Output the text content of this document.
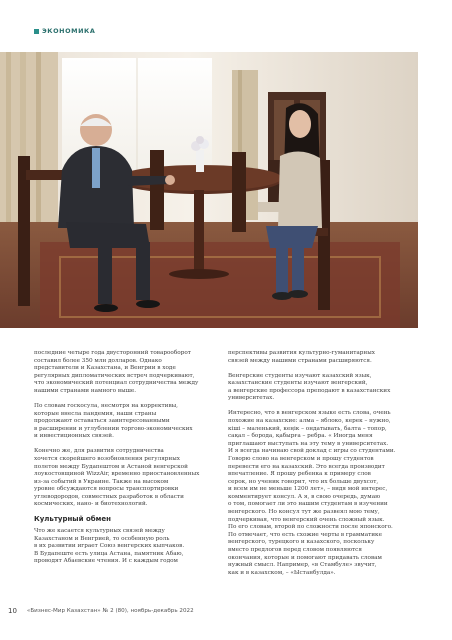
ЭКОНОМИКА

последние четыре года двусторонний товарооборот
составил более 350 млн долларов. Однако
представители и Казахстана, и Венгрии в ходе
регулярных дипломатических встреч подчеркивают,
что экономический потенциал сотрудничества между
нашими странами намного выше.

По словам госкосула, несмотря на коррективы,
которые внесла пандемия, наши страны
продолжают оставаться заинтересованными
в расширении и углублении торгово-экономических
и инвестиционных связей.

Конечно же, для развития сотрудничества
хочется скорейшего возобновления регулярных
полетов между Будапештом и Астаной венгерской
лоукостовщиной WizzAir, временно приостановленных
из-за событий в Украине. Также на высоком
уровне обсуждаются вопросы транспортировки
углеводородов, совместных разработок в области
космических, нано- и биотехнологий.

Культурный обмен

Что же касается культурных связей между
Казахстаном и Венгрией, то особенную роль
в их развитии играет Союз венгерских кыпчаков.
В Будапеште есть улица Астана, памятник Абаю,
проводят Абаевские чтения. И с каждым годом

перспективы развития культурно-гуманитарных
связей между нашими странами расширяются.

Венгерские студенты изучают казахский язык,
казахстанские студенты изучают венгерский,
а венгерские профессора преподают в казахстанских
университетах.

Интересно, что в венгерском языке есть слова, очень
похожие на казахские: алма – яблоко, керек – нужно,
кiшi – маленький, кеңiк – ондатывать, балта – топор,
сақал – борода, қабырға – ребра. « Иногда меня
приглашают выступать на эту тему в университетах.
И я всегда начинаю свой доклад с игры со студентами.
Говорю слово на венгерском и прошу студентов
перевести его на казахский. Это всегда производит
впечатление. Я прошу ребенка к примеру слов
серок, но ученик говорит, что их больше двухсот,
и всем им не меньше 1200 лет», – видя мой интерес,
комментирует консул. А я, в свою очередь, думаю
о том, помогает ли это нашим студентам в изучении
венгерского. Но консул тут же развеял мою тему,
подчеркивая, что венгерский очень сложный язык.
По его словам, второй по сложности после японского.
По отмечает, что есть схожие черты в грамматике
венгерского, турецкого и казахского, поскольку
вместо предлогов перед словом появляются
окончания, которые и помогают придавать словам
нужный смысл. Например, «в Стамбуле» звучит,
как и в казахском, – «Ыстанбулда».

10 «Бизнес-Мир Казахстан» № 2 (80), ноябрь-декабрь 2022
